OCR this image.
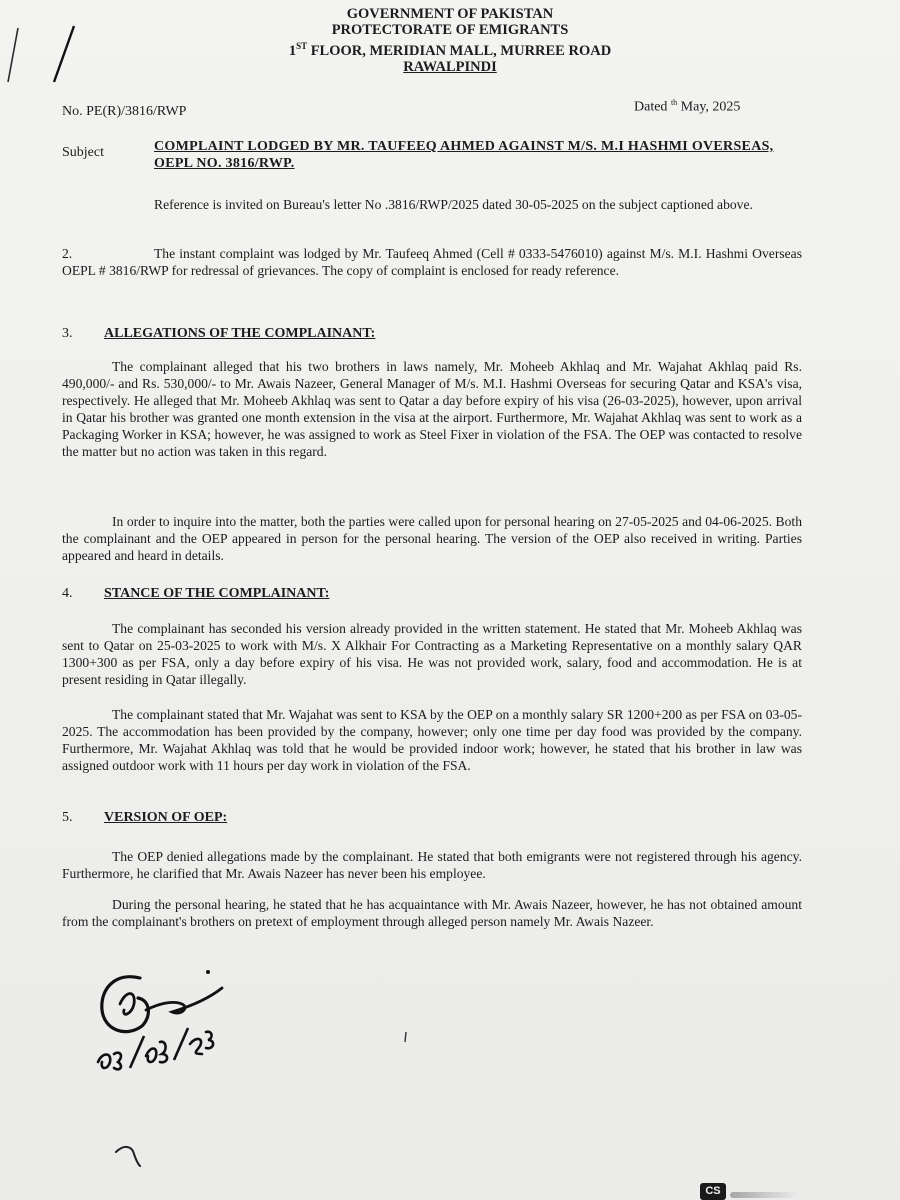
GOVERNMENT OF PAKISTAN
PROTECTORATE OF EMIGRANTS
1ST FLOOR, MERIDIAN MALL, MURREE ROAD
RAWALPINDI
No. PE(R)/3816/RWP	Dated $^{th}$ May, 2025
Subject	COMPLAINT LODGED BY MR. TAUFEEQ AHMED AGAINST M/S. M.I HASHMI OVERSEAS, OEPL NO. 3816/RWP.
Reference is invited on Bureau's letter No .3816/RWP/2025 dated 30-05-2025 on the subject captioned above.
2.	The instant complaint was lodged by Mr. Taufeeq Ahmed (Cell # 0333-5476010) against M/s. M.I. Hashmi Overseas OEPL # 3816/RWP for redressal of grievances. The copy of complaint is enclosed for ready reference.
3. ALLEGATIONS OF THE COMPLAINANT:
The complainant alleged that his two brothers in laws namely, Mr. Moheeb Akhlaq and Mr. Wajahat Akhlaq paid Rs. 490,000/- and Rs. 530,000/- to Mr. Awais Nazeer, General Manager of M/s. M.I. Hashmi Overseas for securing Qatar and KSA's visa, respectively. He alleged that Mr. Moheeb Akhlaq was sent to Qatar a day before expiry of his visa (26-03-2025), however, upon arrival in Qatar his brother was granted one month extension in the visa at the airport. Furthermore, Mr. Wajahat Akhlaq was sent to work as a Packaging Worker in KSA; however, he was assigned to work as Steel Fixer in violation of the FSA. The OEP was contacted to resolve the matter but no action was taken in this regard.
In order to inquire into the matter, both the parties were called upon for personal hearing on 27-05-2025 and 04-06-2025. Both the complainant and the OEP appeared in person for the personal hearing. The version of the OEP also received in writing. Parties appeared and heard in details.
4. STANCE OF THE COMPLAINANT:
The complainant has seconded his version already provided in the written statement. He stated that Mr. Moheeb Akhlaq was sent to Qatar on 25-03-2025 to work with M/s. X Alkhair For Contracting as a Marketing Representative on a monthly salary QAR 1300+300 as per FSA, only a day before expiry of his visa. He was not provided work, salary, food and accommodation. He is at present residing in Qatar illegally.
The complainant stated that Mr. Wajahat was sent to KSA by the OEP on a monthly salary SR 1200+200 as per FSA on 03-05-2025. The accommodation has been provided by the company, however; only one time per day food was provided by the company. Furthermore, Mr. Wajahat Akhlaq was told that he would be provided indoor work; however, he stated that his brother in law was assigned outdoor work with 11 hours per day work in violation of the FSA.
5. VERSION OF OEP:
The OEP denied allegations made by the complainant. He stated that both emigrants were not registered through his agency. Furthermore, he clarified that Mr. Awais Nazeer has never been his employee.
During the personal hearing, he stated that he has acquaintance with Mr. Awais Nazeer, however, he has not obtained amount from the complainant's brothers on pretext of employment through alleged person namely Mr. Awais Nazeer.
CS
